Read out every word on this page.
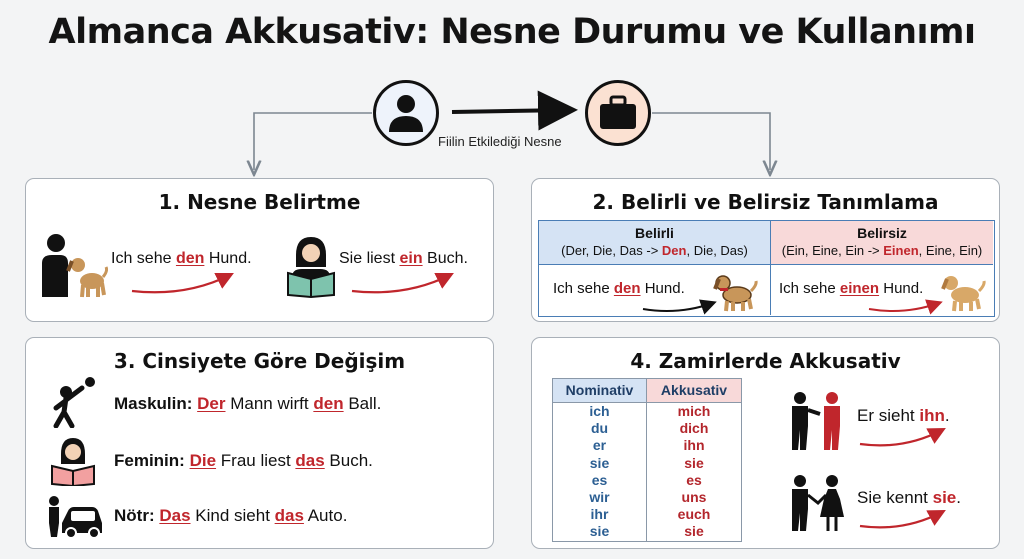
Almanca Akkusativ: Nesne Durumu ve Kullanımı
Fiilin Etkilediği Nesne
1. Nesne Belirtme
Ich sehe den Hund.	Sie liest ein Buch.
2. Belirli ve Belirsiz Tanımlama
Belirli
(Der, Die, Das -> Den, Die, Das)
Belirsiz
(Ein, Eine, Ein -> Einen, Eine, Ein)
Ich sehe den Hund.	Ich sehe einen Hund.
3. Cinsiyete Göre Değişim
Maskulin: Der Mann wirft den Ball.
Feminin: Die Frau liest das Buch.
Nötr: Das Kind sieht das Auto.
4. Zamirlerde Akkusativ
Nominativ
ich
du
er
sie
es
wir
ihr
sie
Akkusativ
mich
dich
ihn
sie
es
uns
euch
sie
Er sieht ihn.
Sie kennt sie.
